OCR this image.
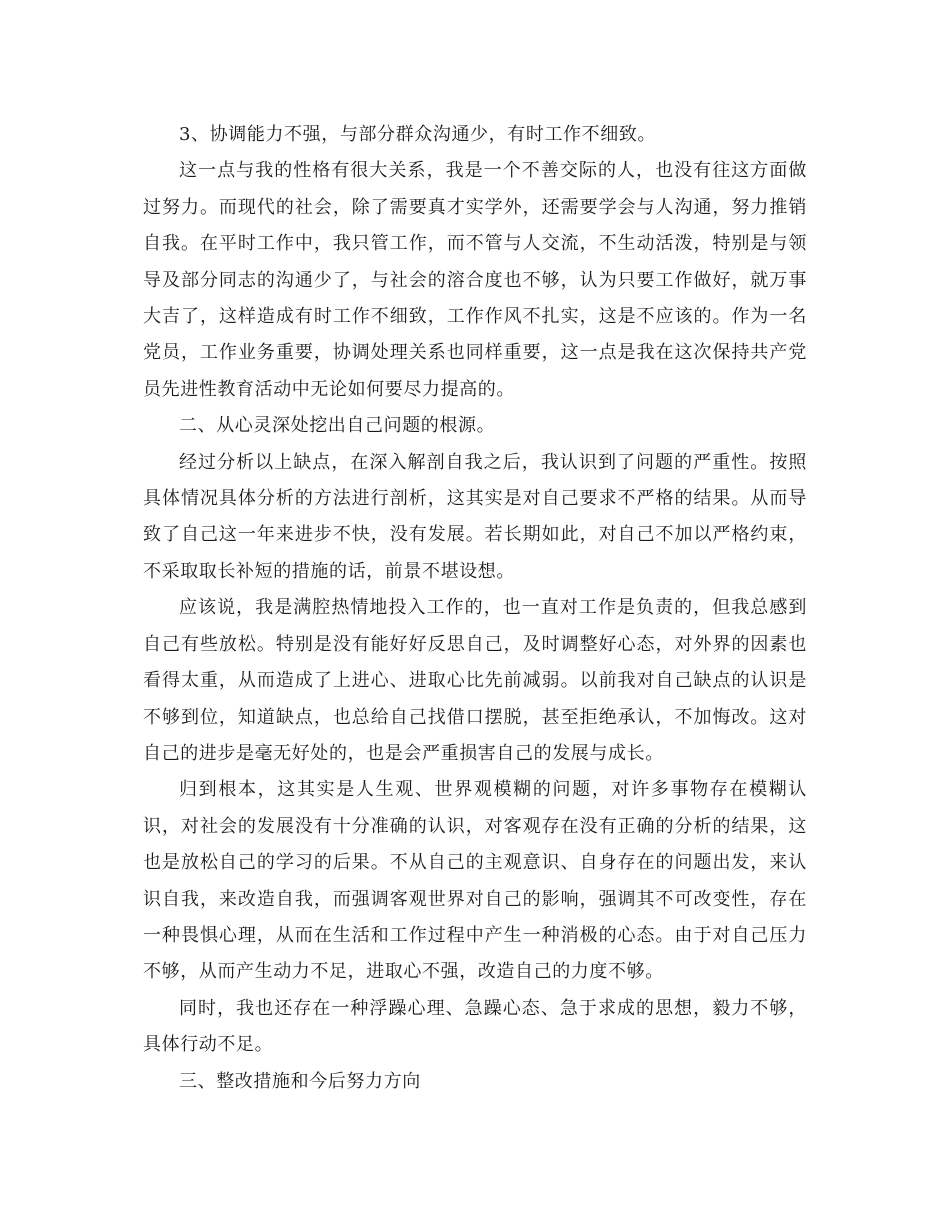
3、协调能力不强，与部分群众沟通少，有时工作不细致。

这一点与我的性格有很大关系，我是一个不善交际的人，也没有往这方面做过努力。而现代的社会，除了需要真才实学外，还需要学会与人沟通，努力推销自我。在平时工作中，我只管工作，而不管与人交流，不生动活泼，特别是与领导及部分同志的沟通少了，与社会的溶合度也不够，认为只要工作做好，就万事大吉了，这样造成有时工作不细致，工作作风不扎实，这是不应该的。作为一名党员，工作业务重要，协调处理关系也同样重要，这一点是我在这次保持共产党员先进性教育活动中无论如何要尽力提高的。

二、从心灵深处挖出自己问题的根源。

经过分析以上缺点，在深入解剖自我之后，我认识到了问题的严重性。按照具体情况具体分析的方法进行剖析，这其实是对自己要求不严格的结果。从而导致了自己这一年来进步不快，没有发展。若长期如此，对自己不加以严格约束，不采取取长补短的措施的话，前景不堪设想。

应该说，我是满腔热情地投入工作的，也一直对工作是负责的，但我总感到自己有些放松。特别是没有能好好反思自己，及时调整好心态，对外界的因素也看得太重，从而造成了上进心、进取心比先前减弱。以前我对自己缺点的认识是不够到位，知道缺点，也总给自己找借口摆脱，甚至拒绝承认，不加悔改。这对自己的进步是毫无好处的，也是会严重损害自己的发展与成长。

归到根本，这其实是人生观、世界观模糊的问题，对许多事物存在模糊认识，对社会的发展没有十分准确的认识，对客观存在没有正确的分析的结果，这也是放松自己的学习的后果。不从自己的主观意识、自身存在的问题出发，来认识自我，来改造自我，而强调客观世界对自己的影响，强调其不可改变性，存在一种畏惧心理，从而在生活和工作过程中产生一种消极的心态。由于对自己压力不够，从而产生动力不足，进取心不强，改造自己的力度不够。

同时，我也还存在一种浮躁心理、急躁心态、急于求成的思想，毅力不够，具体行动不足。

三、整改措施和今后努力方向
